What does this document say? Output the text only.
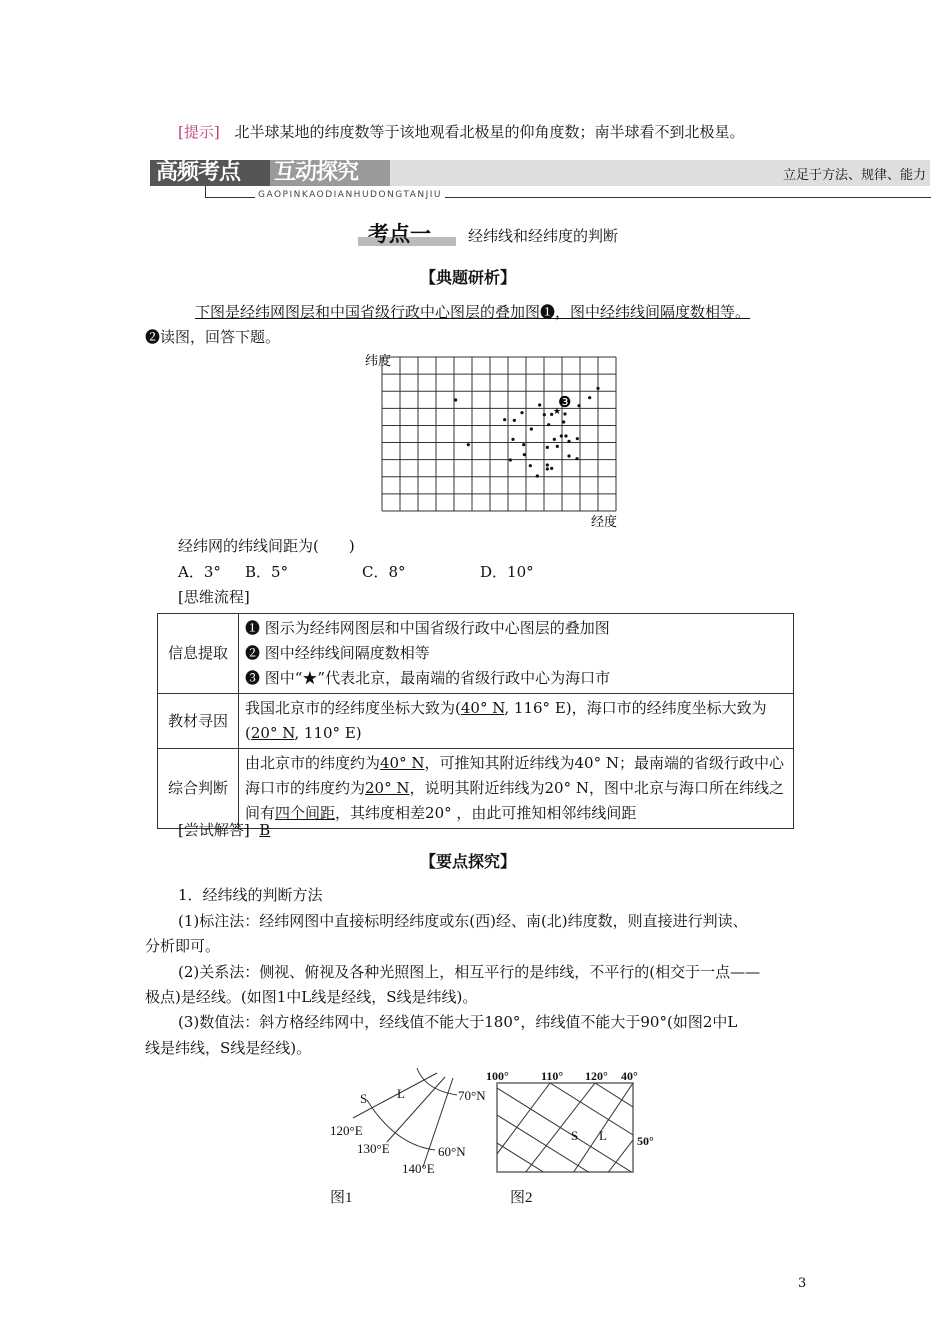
[提示] 北半球某地的纬度数等于该地观看北极星的仰角度数；南半球看不到北极星。
高频考点 互动探究	立足于方法、规律、能力
GAOPINKAODIANHUDONGTANJIU
考点一 经纬线和经纬度的判断
【典题研析】
下图是经纬网图层和中国省级行政中心图层的叠加图❶，图中经纬线间隔度数相等。
❷读图，回答下题。
纬度
经度
★
❸
经纬网的纬线间距为(　　)
A．3° B．5°	C．8°	D．10°
[思维流程]
信息提取	❶ 图示为经纬网图层和中国省级行政中心图层的叠加图
❷ 图中经纬线间隔度数相等
❸ 图中“★”代表北京，最南端的省级行政中心为海口市

教材寻因	我国北京市的经纬度坐标大致为(40° N, 116° E)，海口市的经纬度坐标大致为(20° N, 110° E)
综合判断	由北京市的纬度约为40° N，可推知其附近纬线为40° N；最南端的省级行政中心海口市的纬度约为20° N，说明其附近纬线为20° N，图中北京与海口所在纬线之间有四个间距，其纬度相差20° ，由此可推知相邻纬线间距
[尝试解答] B
【要点探究】
1．经纬线的判断方法
(1)标注法：经纬网图中直接标明经纬度或东(西)经、南(北)纬度数，则直接进行判读、
分析即可。
(2)关系法：侧视、俯视及各种光照图上，相互平行的是纬线，不平行的(相交于一点——
极点)是经线。(如图1中L线是经线，S线是纬线)。
(3)数值法：斜方格经纬网中，经线值不能大于180°，纬线值不能大于90°(如图2中L
线是纬线，S线是经线)。
S L	70°N
60°N
120°E
130°E
140°E
图1
100°	110° 120° 40°
50°
S L
图2
3
